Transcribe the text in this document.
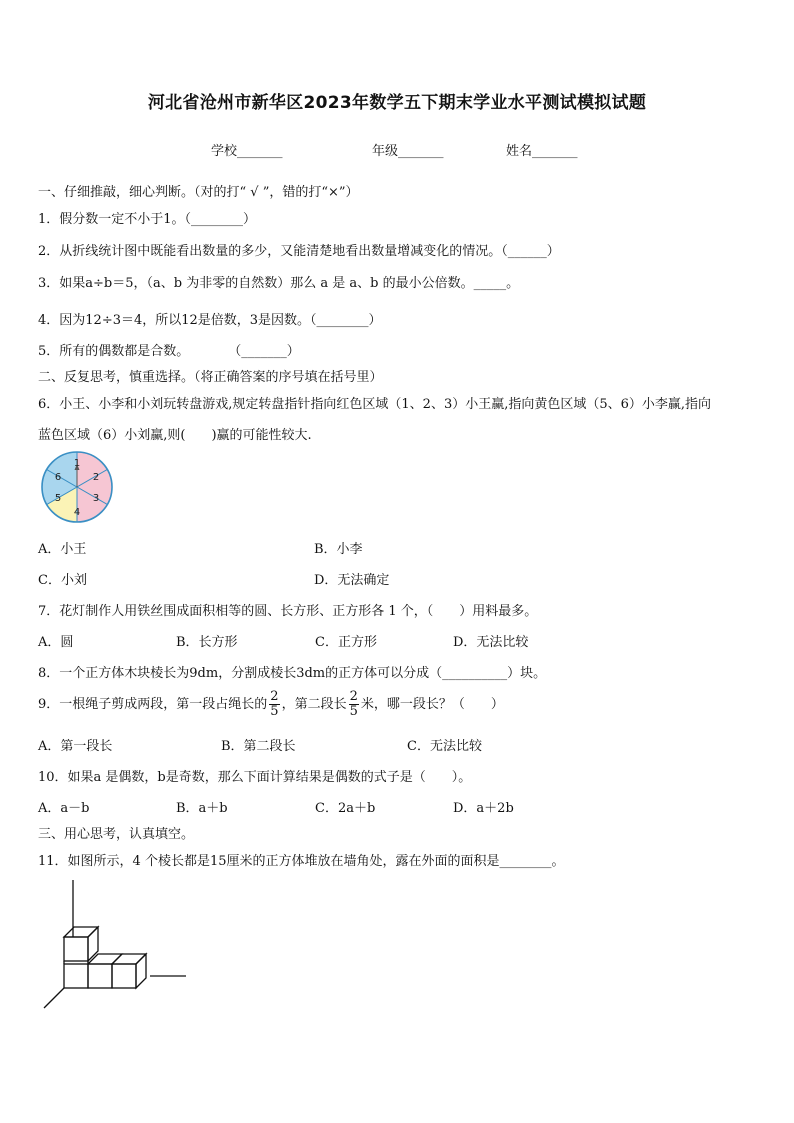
河北省沧州市新华区2023年数学五下期末学业水平测试模拟试题
学校_______	年级_______	姓名_______
一、仔细推敲，细心判断。（对的打“ √ ”，错的打“×”）
1．假分数一定不小于1。（________）
2．从折线统计图中既能看出数量的多少，又能清楚地看出数量增减变化的情况。（______）
3．如果a÷b＝5，（a、b 为非零的自然数）那么 a 是 a、b 的最小公倍数。_____。
4．因为12÷3＝4，所以12是倍数，3是因数。（________）
5．所有的偶数都是合数。　　　　（_______）
二、反复思考，慎重选择。（将正确答案的序号填在括号里）
6．小王、小李和小刘玩转盘游戏,规定转盘指针指向红色区域（1、2、3）小王赢,指向黄色区域（5、6）小李赢,指向
蓝色区域（6）小刘赢,则(　　)赢的可能性较大.
1
2
3
4
5
6
A．小王	B．小李
C．小刘	D．无法确定
7．花灯制作人用铁丝围成面积相等的圆、长方形、正方形各 1 个，（　　）用料最多。
A．圆	B．长方形	C．正方形	D．无法比较
8．一个正方体木块棱长为9dm，分割成棱长3dm的正方体可以分成（__________）块。
9．一根绳子剪成两段，第一段占绳长的 $\frac{2}{5}$ ，第二段长 $\frac{2}{5}$ 米，哪一段长？（　　）
A．第一段长	B．第二段长	C．无法比较
10．如果a 是偶数，b是奇数，那么下面计算结果是偶数的式子是（　　）。
A．a－b	B．a＋b	C．2a＋b	D．a＋2b
三、用心思考，认真填空。
11．如图所示，4 个棱长都是15厘米的正方体堆放在墙角处，露在外面的面积是________。
